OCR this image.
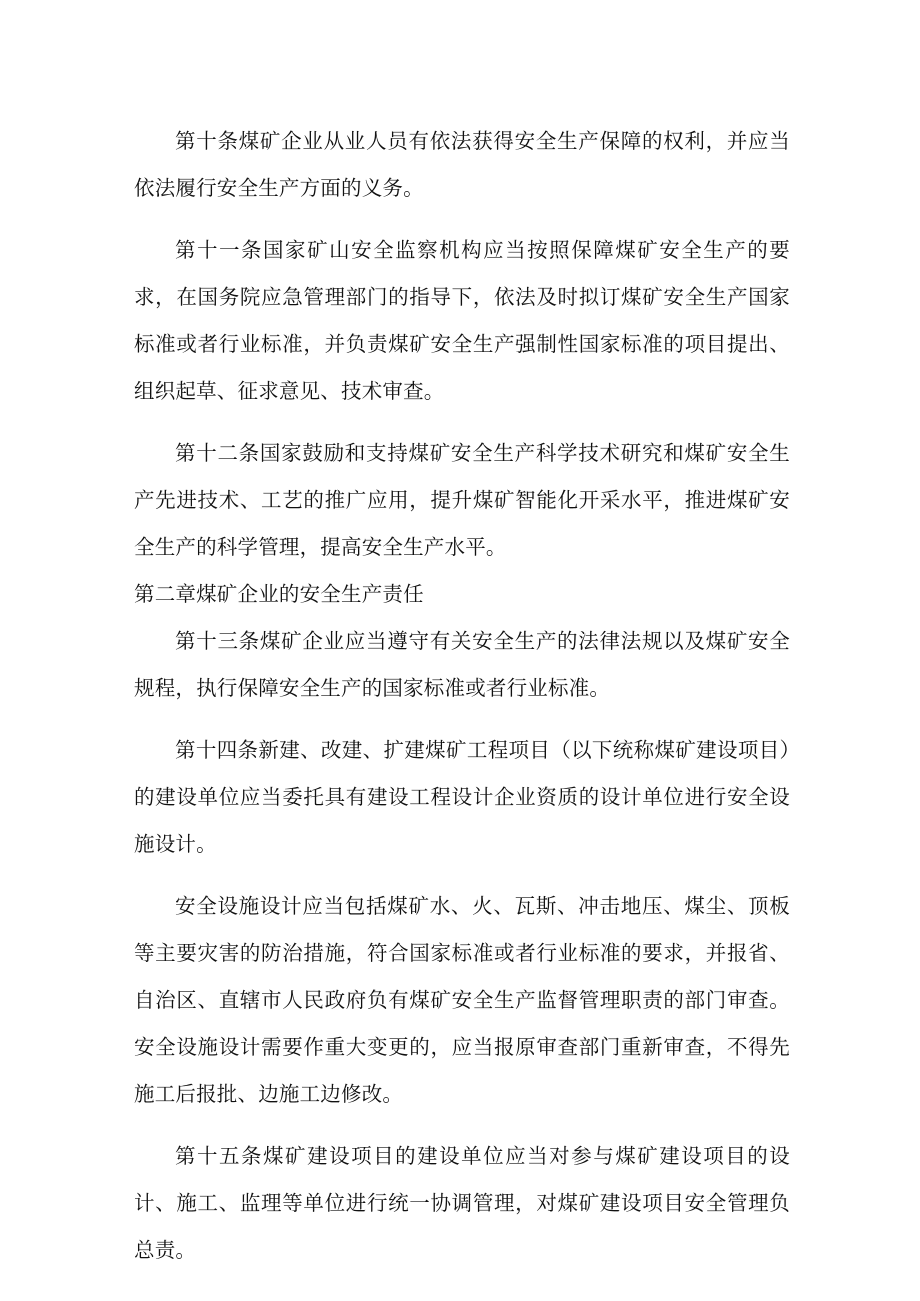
第十条煤矿企业从业人员有依法获得安全生产保障的权利，并应当依法履行安全生产方面的义务。

第十一条国家矿山安全监察机构应当按照保障煤矿安全生产的要求，在国务院应急管理部门的指导下，依法及时拟订煤矿安全生产国家标准或者行业标准，并负责煤矿安全生产强制性国家标准的项目提出、组织起草、征求意见、技术审查。

第十二条国家鼓励和支持煤矿安全生产科学技术研究和煤矿安全生产先进技术、工艺的推广应用，提升煤矿智能化开采水平，推进煤矿安全生产的科学管理，提高安全生产水平。

第二章煤矿企业的安全生产责任

第十三条煤矿企业应当遵守有关安全生产的法律法规以及煤矿安全规程，执行保障安全生产的国家标准或者行业标准。

第十四条新建、改建、扩建煤矿工程项目（以下统称煤矿建设项目）的建设单位应当委托具有建设工程设计企业资质的设计单位进行安全设施设计。

安全设施设计应当包括煤矿水、火、瓦斯、冲击地压、煤尘、顶板等主要灾害的防治措施，符合国家标准或者行业标准的要求，并报省、自治区、直辖市人民政府负有煤矿安全生产监督管理职责的部门审查。安全设施设计需要作重大变更的，应当报原审查部门重新审查，不得先施工后报批、边施工边修改。

第十五条煤矿建设项目的建设单位应当对参与煤矿建设项目的设计、施工、监理等单位进行统一协调管理，对煤矿建设项目安全管理负总责。
